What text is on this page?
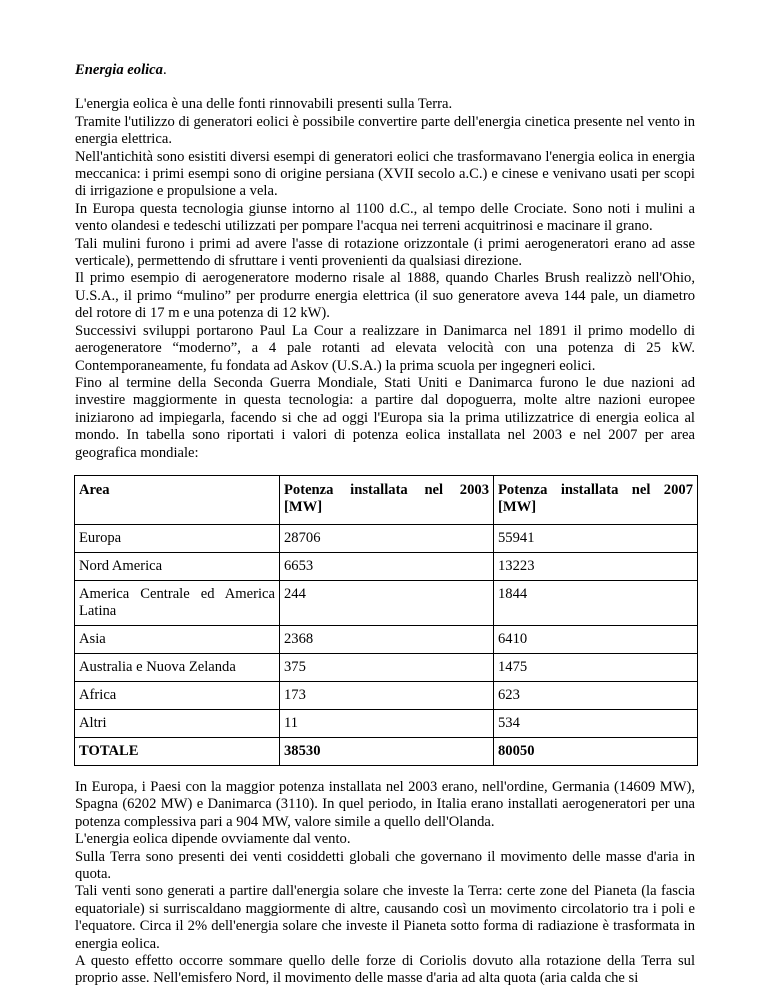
Energia eolica.

L'energia eolica è una delle fonti rinnovabili presenti sulla Terra.

Tramite l'utilizzo di generatori eolici è possibile convertire parte dell'energia cinetica presente nel vento in energia elettrica.

Nell'antichità sono esistiti diversi esempi di generatori eolici che trasformavano l'energia eolica in energia meccanica: i primi esempi sono di origine persiana (XVII secolo a.C.) e cinese e venivano usati per scopi di irrigazione e propulsione a vela.

In Europa questa tecnologia giunse intorno al 1100 d.C., al tempo delle Crociate. Sono noti i mulini a vento olandesi e tedeschi utilizzati per pompare l'acqua nei terreni acquitrinosi e macinare il grano.

Tali mulini furono i primi ad avere l'asse di rotazione orizzontale (i primi aerogeneratori erano ad asse verticale), permettendo di sfruttare i venti provenienti da qualsiasi direzione.

Il primo esempio di aerogeneratore moderno risale al 1888, quando Charles Brush realizzò nell'Ohio, U.S.A., il primo “mulino” per produrre energia elettrica (il suo generatore aveva 144 pale, un diametro del rotore di 17 m e una potenza di 12 kW).

Successivi sviluppi portarono Paul La Cour a realizzare in Danimarca nel 1891 il primo modello di aerogeneratore “moderno”, a 4 pale rotanti ad elevata velocità con una potenza di 25 kW. Contemporaneamente, fu fondata ad Askov (U.S.A.) la prima scuola per ingegneri eolici.

Fino al termine della Seconda Guerra Mondiale, Stati Uniti e Danimarca furono le due nazioni ad investire maggiormente in questa tecnologia: a partire dal dopoguerra, molte altre nazioni europee iniziarono ad impiegarla, facendo si che ad oggi l'Europa sia la prima utilizzatrice di energia eolica al mondo. In tabella sono riportati i valori di potenza eolica installata nel 2003 e nel 2007 per area geografica mondiale:

Area	Potenza installata nel 2003 [MW]	Potenza installata nel 2007 [MW]
Europa	28706	55941
Nord America	6653	13223
America Centrale ed America Latina	244	1844
Asia	2368	6410
Australia e Nuova Zelanda	375	1475
Africa	173	623
Altri	11	534
TOTALE	38530	80050

In Europa, i Paesi con la maggior potenza installata nel 2003 erano, nell'ordine, Germania (14609 MW), Spagna (6202 MW) e Danimarca (3110). In quel periodo, in Italia erano installati aerogeneratori per una potenza complessiva pari a 904 MW, valore simile a quello dell'Olanda.

L'energia eolica dipende ovviamente dal vento.

Sulla Terra sono presenti dei venti cosiddetti globali che governano il movimento delle masse d'aria in quota.

Tali venti sono generati a partire dall'energia solare che investe la Terra: certe zone del Pianeta (la fascia equatoriale) si surriscaldano maggiormente di altre, causando così un movimento circolatorio tra i poli e l'equatore. Circa il 2% dell'energia solare che investe il Pianeta sotto forma di radiazione è trasformata in energia eolica.

A questo effetto occorre sommare quello delle forze di Coriolis dovuto alla rotazione della Terra sul proprio asse. Nell'emisfero Nord, il movimento delle masse d'aria ad alta quota (aria calda che si
